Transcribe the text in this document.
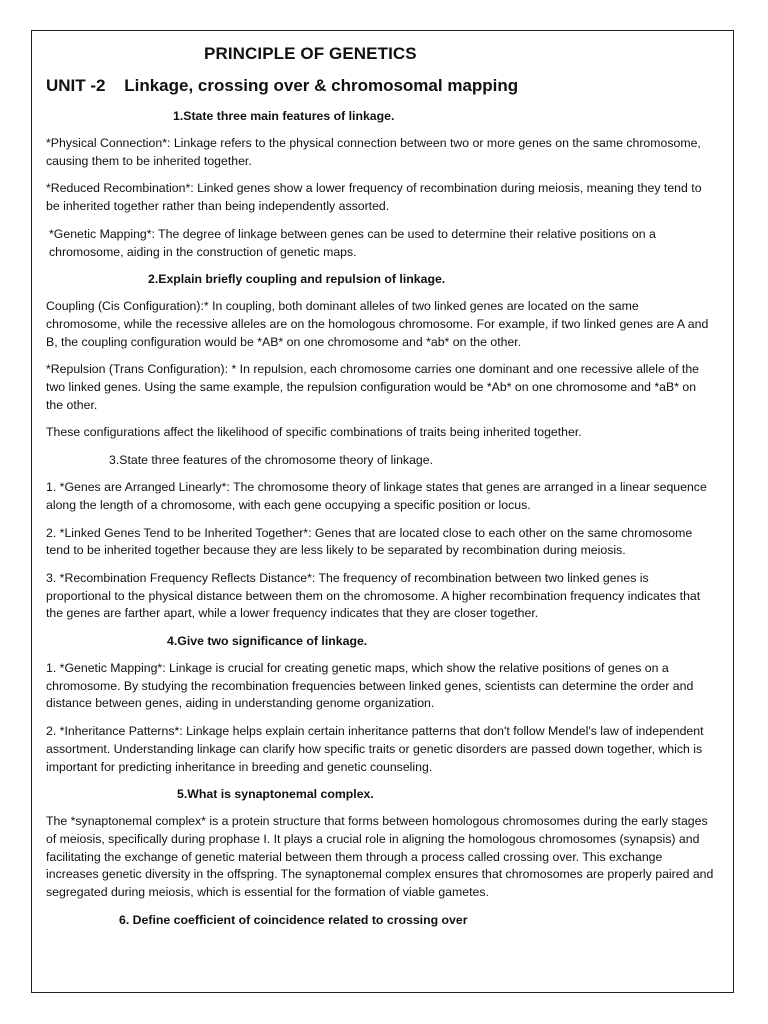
PRINCIPLE OF GENETICS
UNIT -2 Linkage, crossing over & chromosomal mapping
1.State three main features of linkage.

*Physical Connection*: Linkage refers to the physical connection between two or more genes on the same chromosome, causing them to be inherited together.

*Reduced Recombination*: Linked genes show a lower frequency of recombination during meiosis, meaning they tend to be inherited together rather than being independently assorted.

*Genetic Mapping*: The degree of linkage between genes can be used to determine their relative positions on a chromosome, aiding in the construction of genetic maps.

2.Explain briefly coupling and repulsion of linkage.

Coupling (Cis Configuration):* In coupling, both dominant alleles of two linked genes are located on the same chromosome, while the recessive alleles are on the homologous chromosome. For example, if two linked genes are A and B, the coupling configuration would be *AB* on one chromosome and *ab* on the other.

*Repulsion (Trans Configuration): * In repulsion, each chromosome carries one dominant and one recessive allele of the two linked genes. Using the same example, the repulsion configuration would be *Ab* on one chromosome and *aB* on the other.

These configurations affect the likelihood of specific combinations of traits being inherited together.

3.State three features of the chromosome theory of linkage.

1. *Genes are Arranged Linearly*: The chromosome theory of linkage states that genes are arranged in a linear sequence along the length of a chromosome, with each gene occupying a specific position or locus.

2. *Linked Genes Tend to be Inherited Together*: Genes that are located close to each other on the same chromosome tend to be inherited together because they are less likely to be separated by recombination during meiosis.

3. *Recombination Frequency Reflects Distance*: The frequency of recombination between two linked genes is proportional to the physical distance between them on the chromosome. A higher recombination frequency indicates that the genes are farther apart, while a lower frequency indicates that they are closer together.

4.Give two significance of linkage.

1. *Genetic Mapping*: Linkage is crucial for creating genetic maps, which show the relative positions of genes on a chromosome. By studying the recombination frequencies between linked genes, scientists can determine the order and distance between genes, aiding in understanding genome organization.

2. *Inheritance Patterns*: Linkage helps explain certain inheritance patterns that don't follow Mendel's law of independent assortment. Understanding linkage can clarify how specific traits or genetic disorders are passed down together, which is important for predicting inheritance in breeding and genetic counseling.

5.What is synaptonemal complex.

The *synaptonemal complex* is a protein structure that forms between homologous chromosomes during the early stages of meiosis, specifically during prophase I. It plays a crucial role in aligning the homologous chromosomes (synapsis) and facilitating the exchange of genetic material between them through a process called crossing over. This exchange increases genetic diversity in the offspring. The synaptonemal complex ensures that chromosomes are properly paired and segregated during meiosis, which is essential for the formation of viable gametes.

6. Define coefficient of coincidence related to crossing over
